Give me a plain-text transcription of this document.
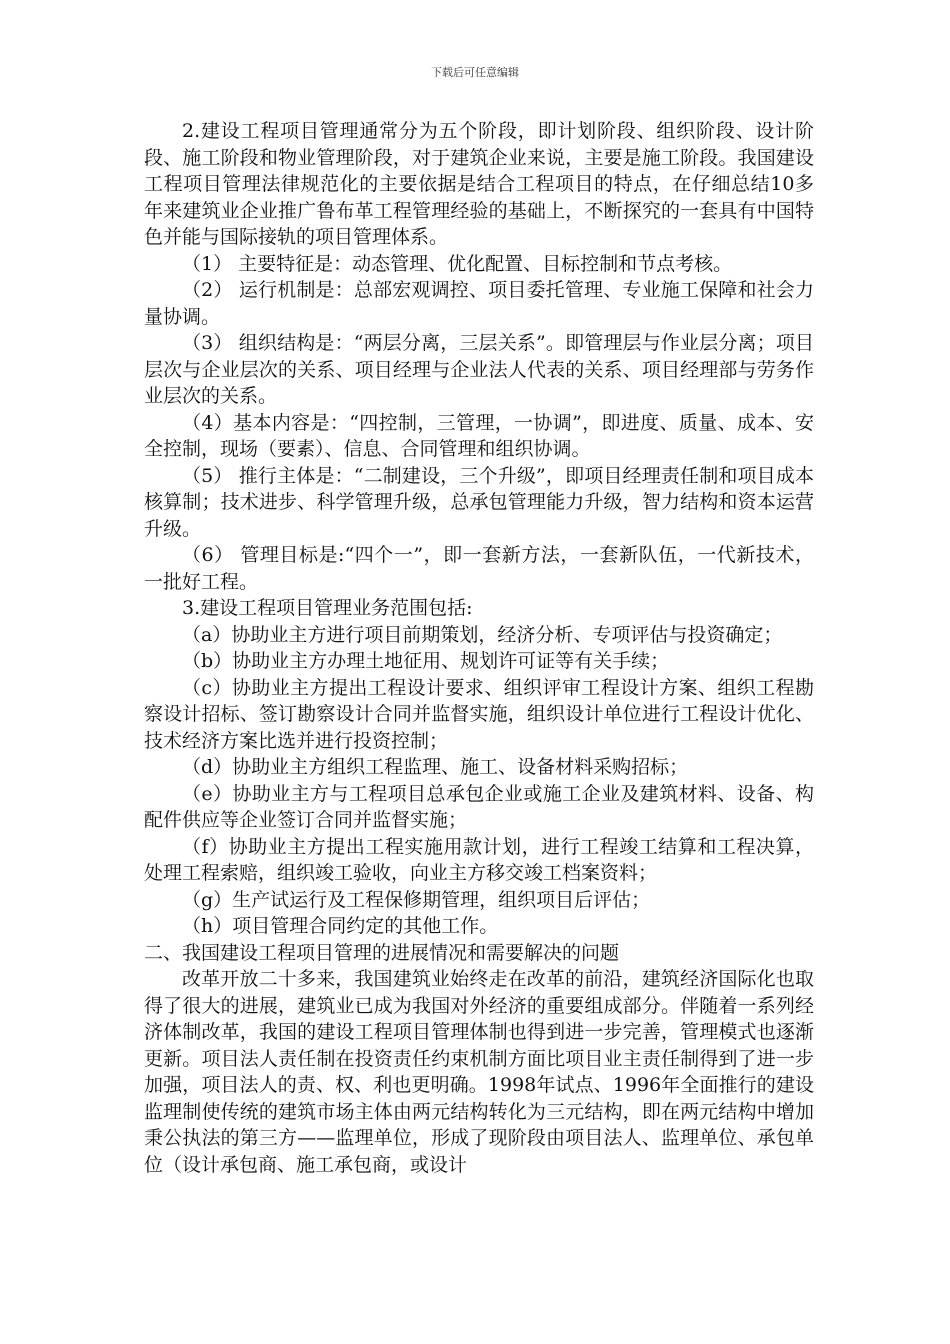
下载后可任意编辑

2.建设工程项目管理通常分为五个阶段，即计划阶段、组织阶段、设计阶段、施工阶段和物业管理阶段，对于建筑企业来说，主要是施工阶段。我国建设工程项目管理法律规范化的主要依据是结合工程项目的特点，在仔细总结10多年来建筑业企业推广鲁布革工程管理经验的基础上，不断探究的一套具有中国特色并能与国际接轨的项目管理体系。

（1） 主要特征是：动态管理、优化配置、目标控制和节点考核。

（2） 运行机制是：总部宏观调控、项目委托管理、专业施工保障和社会力量协调。

（3） 组织结构是：“两层分离，三层关系”。即管理层与作业层分离；项目层次与企业层次的关系、项目经理与企业法人代表的关系、项目经理部与劳务作业层次的关系。

（4）基本内容是：“四控制，三管理，一协调”，即进度、质量、成本、安全控制，现场（要素）、信息、合同管理和组织协调。

（5） 推行主体是：“二制建设，三个升级”，即项目经理责任制和项目成本核算制；技术进步、科学管理升级，总承包管理能力升级，智力结构和资本运营升级。

（6） 管理目标是:“四个一”，即一套新方法，一套新队伍，一代新技术，一批好工程。

3.建设工程项目管理业务范围包括:

（a）协助业主方进行项目前期策划，经济分析、专项评估与投资确定；

（b）协助业主方办理土地征用、规划许可证等有关手续；

（c）协助业主方提出工程设计要求、组织评审工程设计方案、组织工程勘察设计招标、签订勘察设计合同并监督实施，组织设计单位进行工程设计优化、技术经济方案比选并进行投资控制；

（d）协助业主方组织工程监理、施工、设备材料采购招标；

（e）协助业主方与工程项目总承包企业或施工企业及建筑材料、设备、构配件供应等企业签订合同并监督实施；

（f）协助业主方提出工程实施用款计划，进行工程竣工结算和工程决算，处理工程索赔，组织竣工验收，向业主方移交竣工档案资料；

（g）生产试运行及工程保修期管理，组织项目后评估；

（h）项目管理合同约定的其他工作。

二、我国建设工程项目管理的进展情况和需要解决的问题

改革开放二十多来，我国建筑业始终走在改革的前沿，建筑经济国际化也取得了很大的进展，建筑业已成为我国对外经济的重要组成部分。伴随着一系列经济体制改革，我国的建设工程项目管理体制也得到进一步完善，管理模式也逐渐更新。项目法人责任制在投资责任约束机制方面比项目业主责任制得到了进一步加强，项目法人的责、权、利也更明确。1998年试点、1996年全面推行的建设监理制使传统的建筑市场主体由两元结构转化为三元结构，即在两元结构中增加秉公执法的第三方——监理单位，形成了现阶段由项目法人、监理单位、承包单位（设计承包商、施工承包商，或设计
